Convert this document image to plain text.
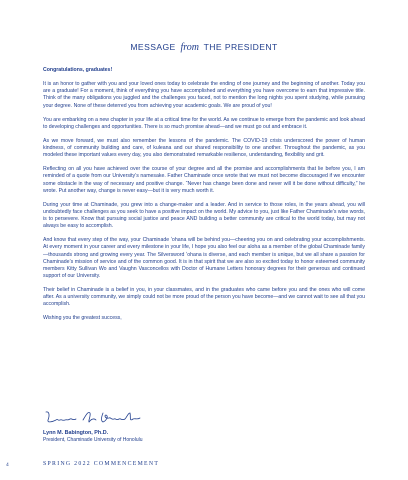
MESSAGE from THE PRESIDENT

Congratulations, graduates!

It is an honor to gather with you and your loved ones today to celebrate the ending of one journey and the beginning of another. Today you are a graduate! For a moment, think of everything you have accomplished and everything you have overcome to earn that impressive title. Think of the many obligations you juggled and the challenges you faced, not to mention the long nights you spent studying, while pursuing your degree. None of these deterred you from achieving your academic goals. We are proud of you!

You are embarking on a new chapter in your life at a critical time for the world. As we continue to emerge from the pandemic and look ahead to developing challenges and opportunities. There is so much promise ahead—and we must go out and embrace it.

As we move forward, we must also remember the lessons of the pandemic. The COVID-19 crisis underscored the power of human kindness, of community building and care, of kuleana and our shared responsibility to one another. Throughout the pandemic, as you modeled these important values every day, you also demonstrated remarkable resilience, understanding, flexibility and grit.

Reflecting on all you have achieved over the course of your degree and all the promise and accomplishments that lie before you, I am reminded of a quote from our University’s namesake. Father Chaminade once wrote that we must not become discouraged if we encounter some obstacle in the way of necessary and positive change. “Never has change been done and never will it be done without difficulty,” he wrote. Put another way, change is never easy—but it is very much worth it.

During your time at Chaminade, you grew into a change-maker and a leader. And in service to those roles, in the years ahead, you will undoubtedly face challenges as you seek to have a positive impact on the world. My advice to you, just like Father Chaminade’s wise words, is to persevere. Know that pursuing social justice and peace AND building a better community are critical to the world today, but may not always be easy to accomplish.

And know that every step of the way, your Chaminade ʻohana will be behind you—cheering you on and celebrating your accomplishments. At every moment in your career and every milestone in your life, I hope you also feel our aloha as a member of the global Chaminade family—thousands strong and growing every year. The Silversword ʻohana is diverse, and each member is unique, but we all share a passion for Chaminade’s mission of service and of the common good. It is in that spirit that we are also so excited today to honor esteemed community members Kitty Sullivan Wo and Vaughn Vasconcellos with Doctor of Humane Letters honorary degrees for their generous and continued support of our University.

Their belief in Chaminade is a belief in you, in your classmates, and in the graduates who came before you and the ones who will come after. As a university community, we simply could not be more proud of the person you have become—and we cannot wait to see all that you accomplish.

Wishing you the greatest success,

Lynn M. Babington, Ph.D.
President, Chaminade University of Honolulu
4	SPRING 2022 COMMENCEMENT
